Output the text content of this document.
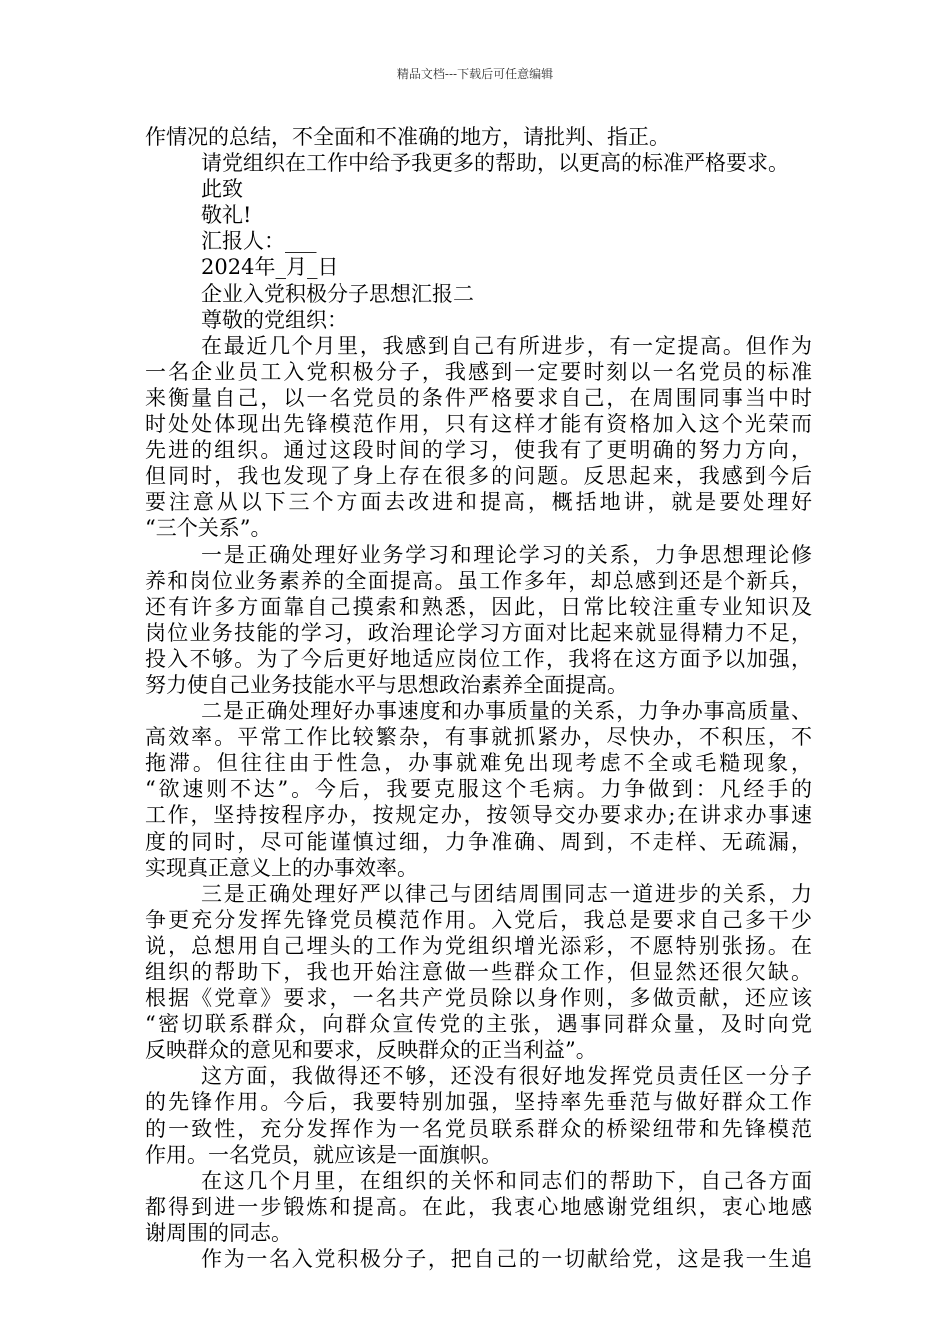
精品文档---下载后可任意编辑
作情况的总结，不全面和不准确的地方，请批判、指正。
请党组织在工作中给予我更多的帮助，以更高的标准严格要求。
此致
敬礼!
汇报人：___
2024年_月_日
企业入党积极分子思想汇报二
尊敬的党组织：
在最近几个月里，我感到自己有所进步，有一定提高。但作为
一名企业员工入党积极分子，我感到一定要时刻以一名党员的标准
来衡量自己，以一名党员的条件严格要求自己，在周围同事当中时
时处处体现出先锋模范作用，只有这样才能有资格加入这个光荣而
先进的组织。通过这段时间的学习，使我有了更明确的努力方向，
但同时，我也发现了身上存在很多的问题。反思起来，我感到今后
要注意从以下三个方面去改进和提高，概括地讲，就是要处理好
“三个关系”。
一是正确处理好业务学习和理论学习的关系，力争思想理论修
养和岗位业务素养的全面提高。虽工作多年，却总感到还是个新兵，
还有许多方面靠自己摸索和熟悉，因此，日常比较注重专业知识及
岗位业务技能的学习，政治理论学习方面对比起来就显得精力不足，
投入不够。为了今后更好地适应岗位工作，我将在这方面予以加强，
努力使自己业务技能水平与思想政治素养全面提高。
二是正确处理好办事速度和办事质量的关系，力争办事高质量、
高效率。平常工作比较繁杂，有事就抓紧办，尽快办，不积压，不
拖滞。但往往由于性急，办事就难免出现考虑不全或毛糙现象，
“欲速则不达”。今后，我要克服这个毛病。力争做到：凡经手的
工作，坚持按程序办，按规定办，按领导交办要求办;在讲求办事速
度的同时，尽可能谨慎过细，力争准确、周到，不走样、无疏漏，
实现真正意义上的办事效率。
三是正确处理好严以律己与团结周围同志一道进步的关系，力
争更充分发挥先锋党员模范作用。入党后，我总是要求自己多干少
说，总想用自己埋头的工作为党组织增光添彩，不愿特别张扬。在
组织的帮助下，我也开始注意做一些群众工作，但显然还很欠缺。
根据《党章》要求，一名共产党员除以身作则，多做贡献，还应该
“密切联系群众，向群众宣传党的主张，遇事同群众量，及时向党
反映群众的意见和要求，反映群众的正当利益”。
这方面，我做得还不够，还没有很好地发挥党员责任区一分子
的先锋作用。今后，我要特别加强，坚持率先垂范与做好群众工作
的一致性，充分发挥作为一名党员联系群众的桥梁纽带和先锋模范
作用。一名党员，就应该是一面旗帜。
在这几个月里，在组织的关怀和同志们的帮助下，自己各方面
都得到进一步锻炼和提高。在此，我衷心地感谢党组织，衷心地感
谢周围的同志。
作为一名入党积极分子，把自己的一切献给党，这是我一生追
